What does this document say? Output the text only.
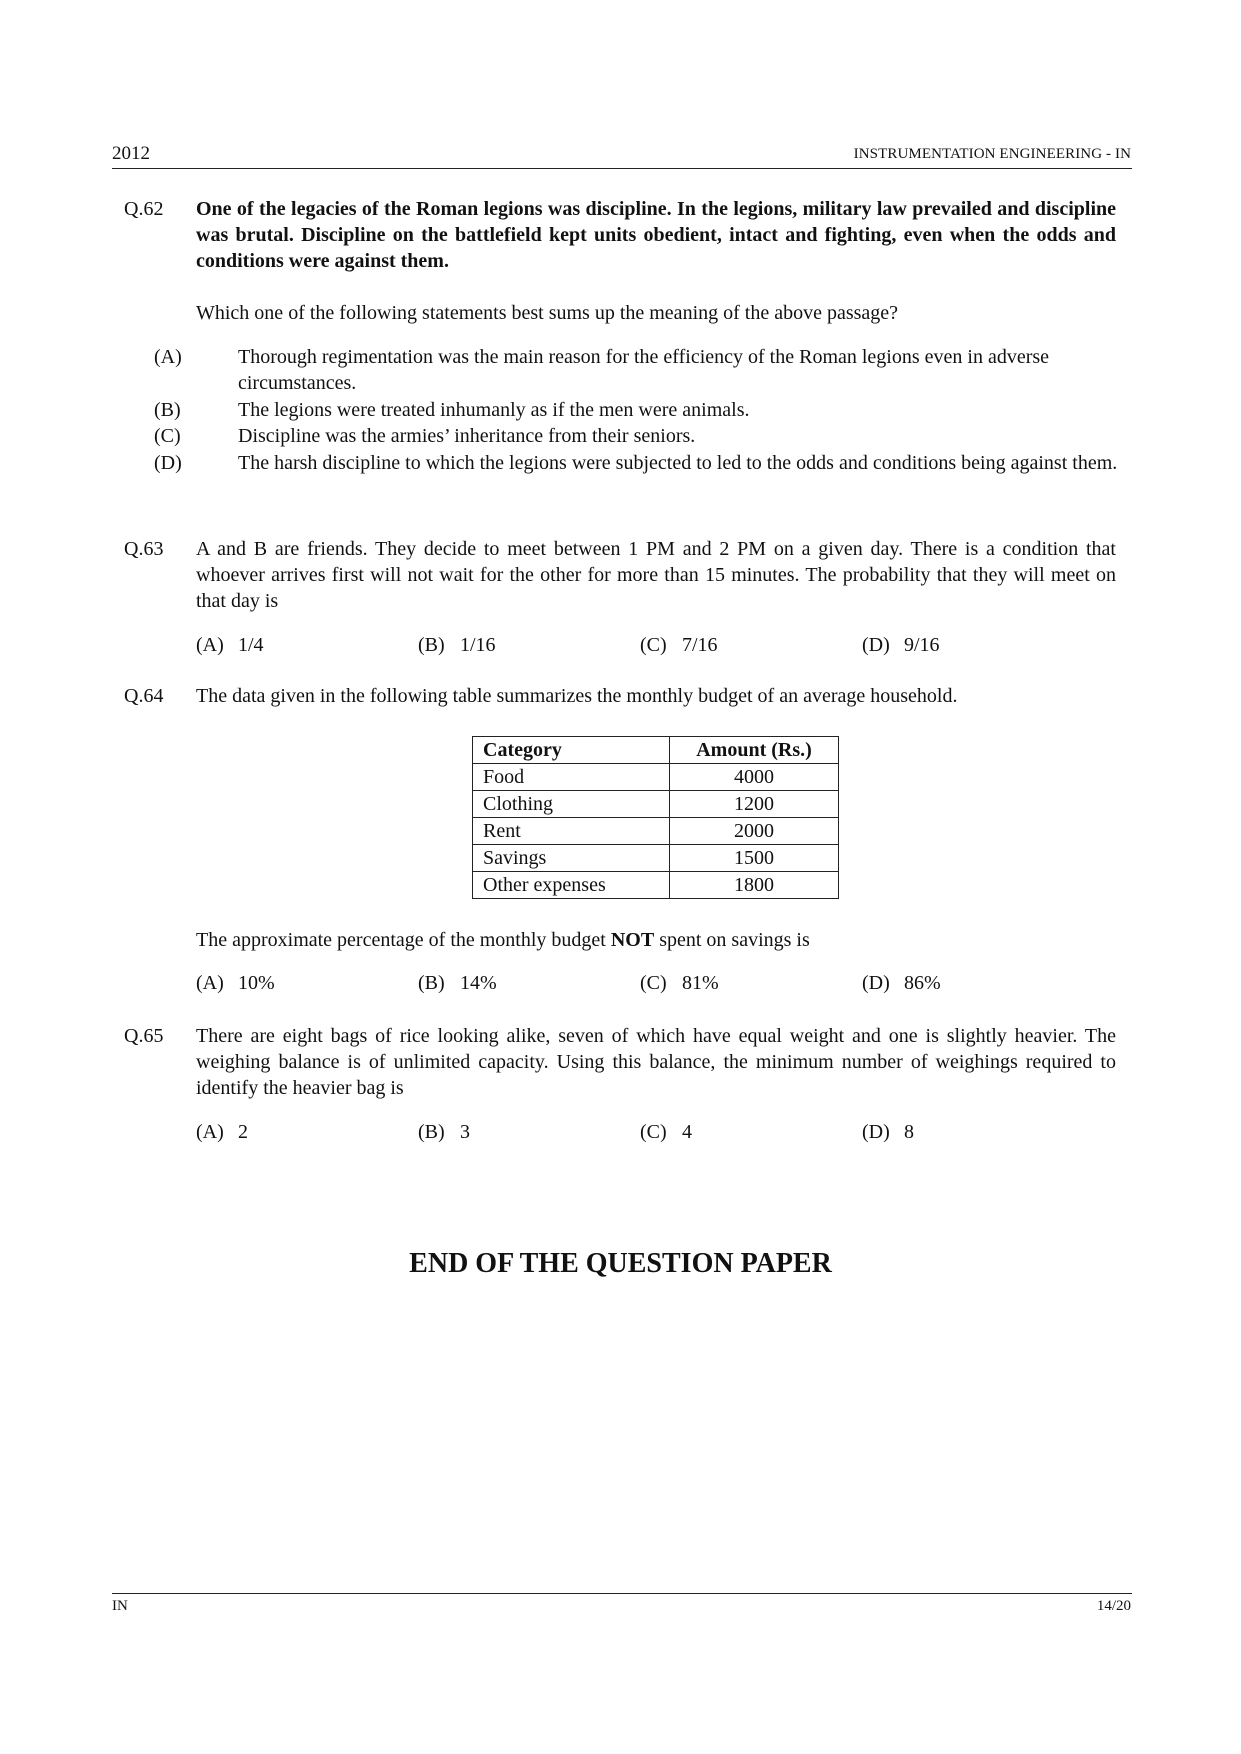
2012	INSTRUMENTATION ENGINEERING - IN
Q.62 One of the legacies of the Roman legions was discipline. In the legions, military law prevailed and discipline was brutal. Discipline on the battlefield kept units obedient, intact and fighting, even when the odds and conditions were against them.

Which one of the following statements best sums up the meaning of the above passage?

(A)	Thorough regimentation was the main reason for the efficiency of the Roman legions even in adverse circumstances.

(B)	The legions were treated inhumanly as if the men were animals.

(C)	Discipline was the armies’ inheritance from their seniors.

(D)	The harsh discipline to which the legions were subjected to led to the odds and conditions being against them.

Q.63 A and B are friends. They decide to meet between 1 PM and 2 PM on a given day. There is a condition that whoever arrives first will not wait for the other for more than 15 minutes. The probability that they will meet on that day is

(A) 1/4	(B) 1/16	(C) 7/16	(D) 9/16
Q.64 The data given in the following table summarizes the monthly budget of an average household.

Category	Amount (Rs.)
Food	4000
Clothing	1200
Rent	2000
Savings	1500
Other expenses	1800

The approximate percentage of the monthly budget NOT spent on savings is

(A) 10%	(B) 14%	(C) 81%	(D) 86%
Q.65 There are eight bags of rice looking alike, seven of which have equal weight and one is slightly heavier. The weighing balance is of unlimited capacity. Using this balance, the minimum number of weighings required to identify the heavier bag is

(A) 2	(B) 3	(C) 4	(D) 8
END OF THE QUESTION PAPER
IN	14/20
